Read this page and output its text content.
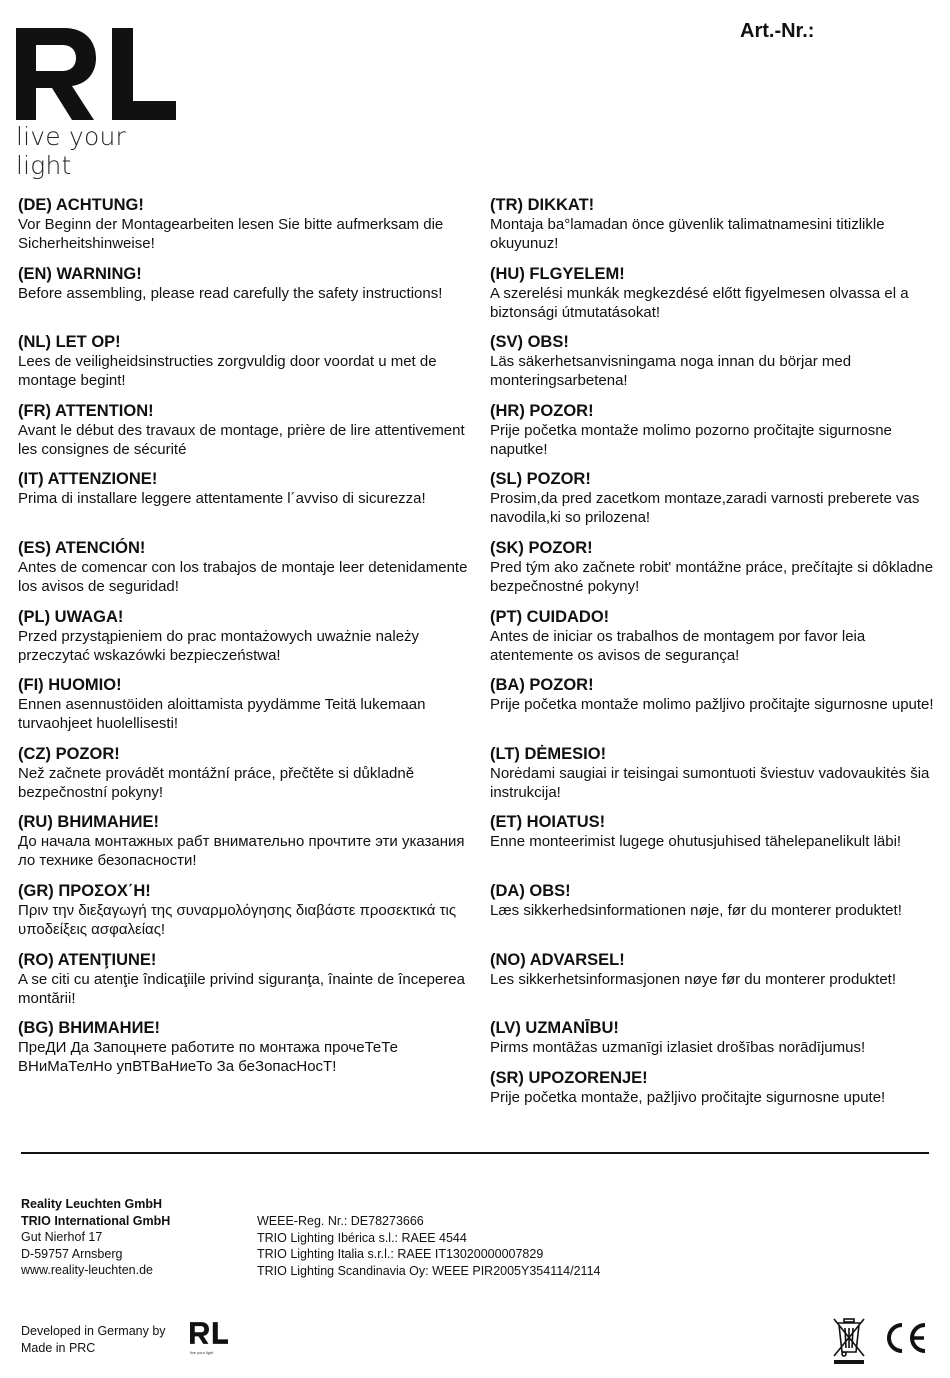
live your light
Art.-Nr.:
(DE) ACHTUNG!
Vor Beginn der Montagearbeiten lesen Sie bitte aufmerksam die Sicherheitshinweise!
(EN) WARNING!
Before assembling, please read carefully the safety instructions!
(NL) LET OP!
Lees de veiligheidsinstructies zorgvuldig door voordat u met de montage begint!
(FR) ATTENTION!
Avant le début des travaux de montage, prière de lire attentivement les consignes de sécurité
(IT) ATTENZIONE!
Prima di installare leggere attentamente l´avviso di sicurezza!
(ES) ATENCIÓN!
Antes de comencar con los trabajos de montaje leer detenidamente los avisos de seguridad!
(PL) UWAGA!
Przed przystąpieniem do prac montażowych uważnie należy przeczytać wskazówki bezpieczeństwa!
(FI) HUOMIO!
Ennen asennustöiden aloittamista pyydämme Teitä lukemaan turvaohjeet huolellisesti!
(CZ) POZOR!
Než začnete provádět montážní práce, přečtěte si důkladně bezpečnostní pokyny!
(RU) ВНИМАНИЕ!
До начала монтажных рабт внимательно прочтите эти указания ло технике безопасности!
(GR) ΠΡΟΣΟΧ΄Η!
Πριν την διεξαγωγή της συναρμολόγησης διαβάστε προσεκτικά τις υποδείξεις ασφαλείας!
(RO) ATENŢIUNE!
A se citi cu atenţie îndicaţiile privind siguranţa, înainte de începerea montării!
(BG) ВНИМАНИЕ!
ПреДИ Да Запоцнете работите по монтажа прочеТеТе ВНиМаТелНо упВТВаНиеТо За беЗопасНосТ!
(TR) DIKKAT!
Montaja ba°lamadan önce güvenlik talimatnamesini titizlikle okuyunuz!
(HU) FLGYELEM!
A szerelési munkák megkezdésé előtt figyelmesen olvassa el a biztonsági útmutatásokat!
(SV) OBS!
Läs säkerhetsanvisningama noga innan du börjar med monteringsarbetena!
(HR) POZOR!
Prije početka montaže molimo pozorno pročitajte sigurnosne naputke!
(SL) POZOR!
Prosim,da pred zacetkom montaze,zaradi varnosti preberete vas navodila,ki so prilozena!
(SK) POZOR!
Pred tým ako začnete robit' montážne práce, prečítajte si dôkladne bezpečnostné pokyny!
(PT) CUIDADO!
Antes de iniciar os trabalhos de montagem por favor leia atentemente os avisos de segurança!
(BA) POZOR!
Prije početka montaže molimo pažljivo pročitajte sigurnosne upute!
(LT) DĖMESIO!
Norėdami saugiai ir teisingai sumontuoti šviestuv vadovaukitės šia instrukcija!
(ET) HOIATUS!
Enne monteerimist lugege ohutusjuhised tähelepanelikult läbi!
(DA) OBS!
Læs sikkerhedsinformationen nøje, før du monterer produktet!
(NO) ADVARSEL!
Les sikkerhetsinformasjonen nøye før du monterer produktet!
(LV) UZMANĪBU!
Pirms montāžas uzmanīgi izlasiet drošības norādījumus!
(SR) UPOZORENJE!
Prije početka montaže, pažljivo pročitajte sigurnosne upute!
Reality Leuchten GmbH
TRIO International GmbH
Gut Nierhof 17
D-59757 Arnsberg
www.reality-leuchten.de
WEEE-Reg. Nr.: DE78273666
TRIO Lighting Ibérica s.l.: RAEE 4544
TRIO Lighting Italia s.r.l.: RAEE IT13020000007829
TRIO Lighting Scandinavia Oy: WEEE PIR2005Y354114/2114
Developed in Germany by
Made in PRC	live your light
